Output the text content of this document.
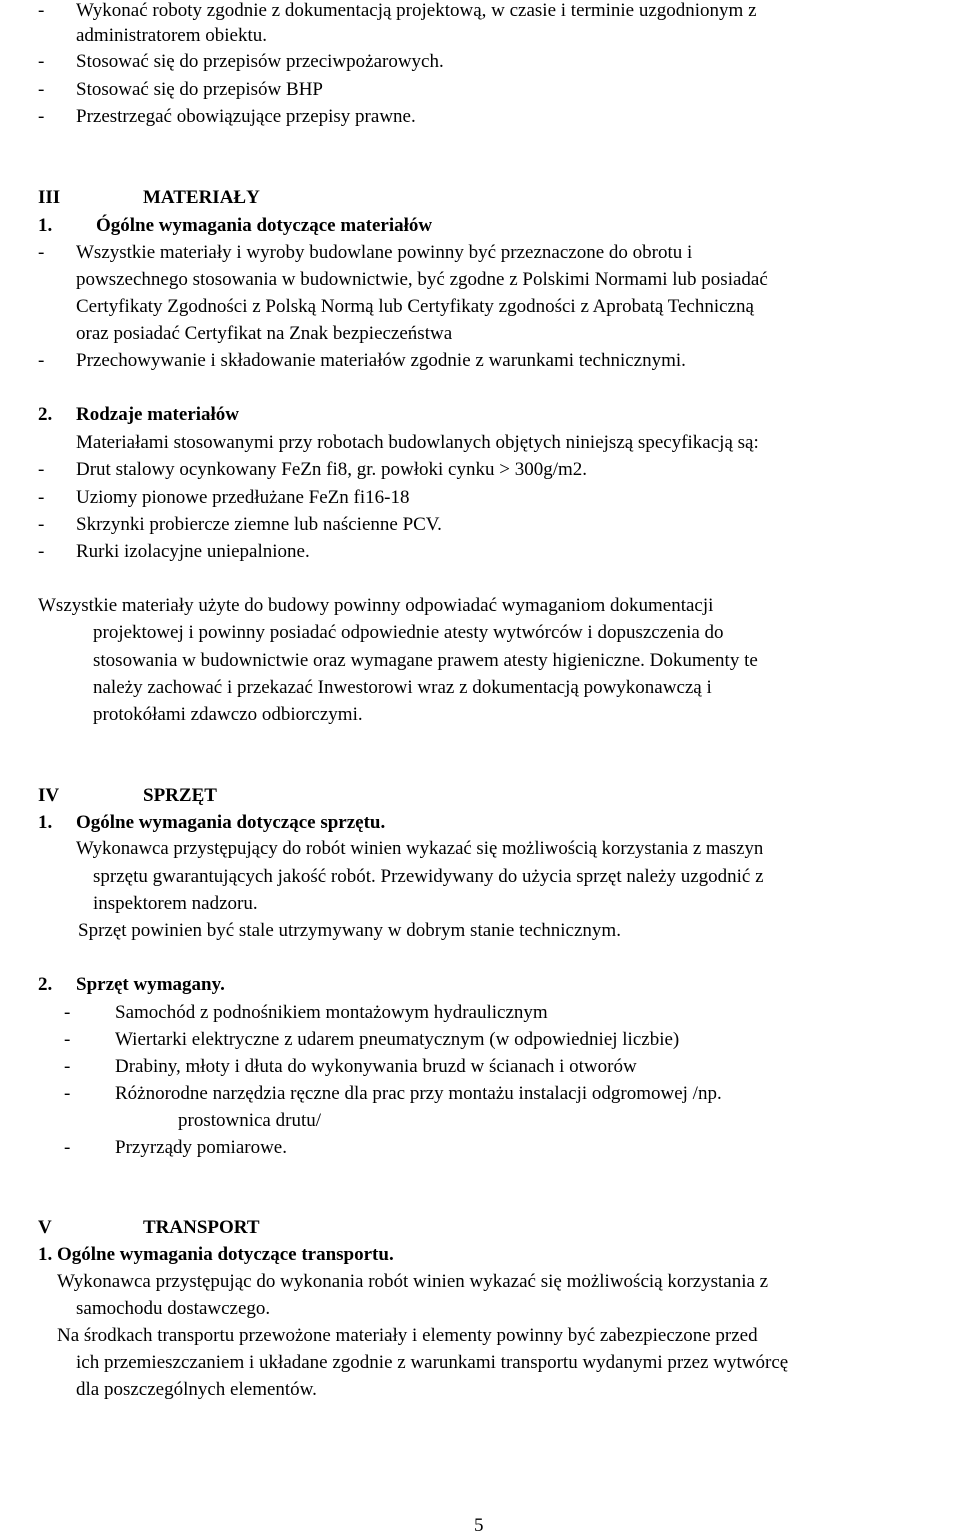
- Wykonać roboty zgodnie z dokumentacją projektową, w czasie i terminie uzgodnionym z
administratorem obiektu.
- Stosować się do przepisów przeciwpożarowych.
- Stosować się do przepisów BHP
- Przestrzegać obowiązujące przepisy prawne.
III	MATERIAŁY
1. Ógólne wymagania dotyczące materiałów
- Wszystkie materiały i wyroby budowlane powinny być przeznaczone do obrotu i
powszechnego stosowania w budownictwie, być zgodne z Polskimi Normami lub posiadać
Certyfikaty Zgodności z Polską Normą lub Certyfikaty zgodności z Aprobatą Techniczną
oraz posiadać Certyfikat na Znak bezpieczeństwa
- Przechowywanie i składowanie materiałów zgodnie z warunkami technicznymi.
2. Rodzaje materiałów
Materiałami stosowanymi przy robotach budowlanych objętych niniejszą specyfikacją są:
- Drut stalowy ocynkowany FeZn fi8, gr. powłoki cynku > 300g/m2.
- Uziomy pionowe przedłużane FeZn fi16-18
- Skrzynki probiercze ziemne lub naścienne PCV.
- Rurki izolacyjne uniepalnione.
Wszystkie materiały użyte do budowy powinny odpowiadać wymaganiom dokumentacji
projektowej i powinny posiadać odpowiednie atesty wytwórców i dopuszczenia do
stosowania w budownictwie oraz wymagane prawem atesty higieniczne. Dokumenty te
należy zachować i przekazać Inwestorowi wraz z dokumentacją powykonawczą i
protokółami zdawczo odbiorczymi.
IV	SPRZĘT
1. Ogólne wymagania dotyczące sprzętu.
Wykonawca przystępujący do robót winien wykazać się możliwością korzystania z maszyn
sprzętu gwarantujących jakość robót. Przewidywany do użycia sprzęt należy uzgodnić z
inspektorem nadzoru.
Sprzęt powinien być stale utrzymywany w dobrym stanie technicznym.
2. Sprzęt wymagany.
- Samochód z podnośnikiem montażowym hydraulicznym
- Wiertarki elektryczne z udarem pneumatycznym (w odpowiedniej liczbie)
- Drabiny, młoty i dłuta do wykonywania bruzd w ścianach i otworów
- Różnorodne narzędzia ręczne dla prac przy montażu instalacji odgromowej /np.
prostownica drutu/
- Przyrządy pomiarowe.
V	TRANSPORT
1. Ogólne wymagania dotyczące transportu.
Wykonawca przystępując do wykonania robót winien wykazać się możliwością korzystania z
samochodu dostawczego.
Na środkach transportu przewożone materiały i elementy powinny być zabezpieczone przed
ich przemieszczaniem i układane zgodnie z warunkami transportu wydanymi przez wytwórcę
dla poszczególnych elementów.
5
